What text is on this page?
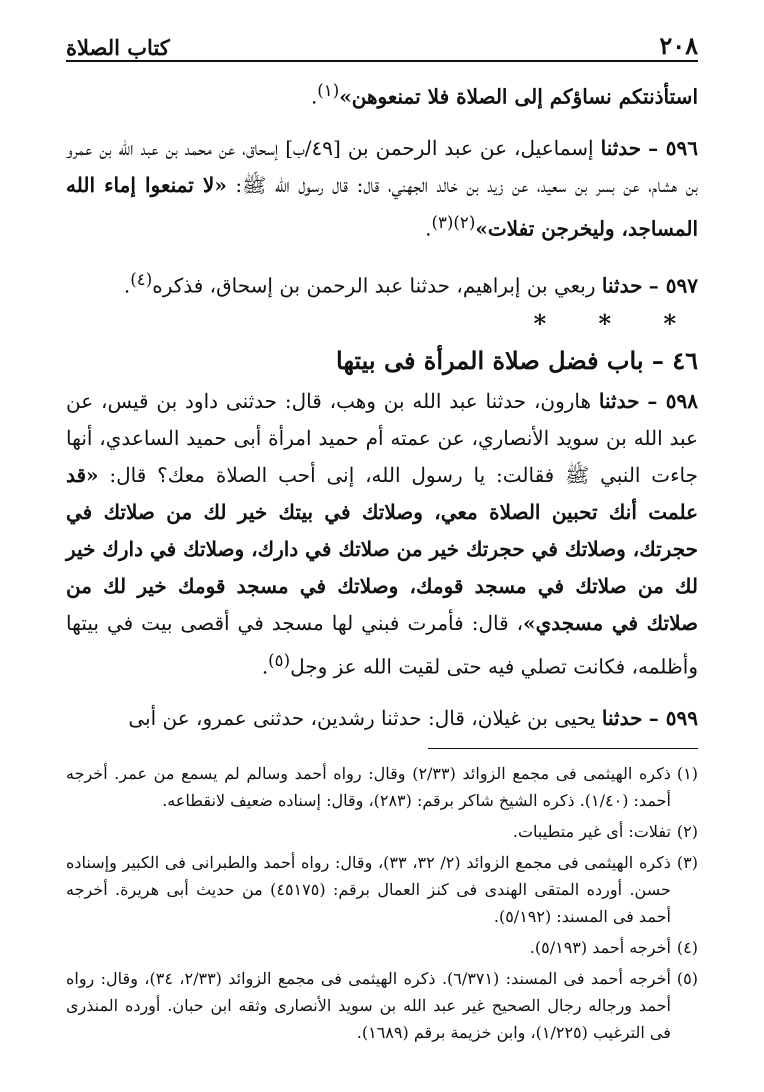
٢٠٨
كتاب الصلاة

استأذنتكم نساؤكم إلى الصلاة فلا تمنعوهن»$^{(١)}$.

٥٩٦ – حدثنا إسماعيل، عن عبد الرحمن بن [٤٩/ب] إسحاق، عن محمد بن عبد الله بن عمرو بن هشام، عن بسر بن سعيد، عن زيد بن خالد الجهني، قال: قال رسول الله ﷺ: «لا تمنعوا إماء الله المساجد، وليخرجن تفلات»$^{(٢)(٣)}$.

٥٩٧ – حدثنا ربعي بن إبراهيم، حدثنا عبد الرحمن بن إسحاق، فذكره$^{(٤)}$.

* * *
٤٦ – باب فضل صلاة المرأة فى بيتها

٥٩٨ – حدثنا هارون، حدثنا عبد الله بن وهب، قال: حدثنى داود بن قيس، عن عبد الله بن سويد الأنصاري، عن عمته أم حميد امرأة أبى حميد الساعدي، أنها جاءت النبي ﷺ فقالت: يا رسول الله، إنى أحب الصلاة معك؟ قال: «قد علمت أنك تحبين الصلاة معي، وصلاتك في بيتك خير لك من صلاتك في حجرتك، وصلاتك في حجرتك خير من صلاتك في دارك، وصلاتك في دارك خير لك من صلاتك في مسجد قومك، وصلاتك في مسجد قومك خير لك من صلاتك في مسجدي»، قال: فأمرت فبني لها مسجد في أقصى بيت في بيتها وأظلمه، فكانت تصلي فيه حتى لقيت الله عز وجل$^{(٥)}$.

٥٩٩ – حدثنا يحيى بن غيلان، قال: حدثنا رشدين، حدثنى عمرو، عن أبى

(١)
ذكره الهيثمى فى مجمع الزوائد (٢/٣٣) وقال: رواه أحمد وسالم لم يسمع من عمر. أخرجه أحمد: (١/٤٠). ذكره الشيخ شاكر برقم: (٢٨٣)، وقال: إسناده ضعيف لانقطاعه.
(٢)
تفلات: أى غير متطيبات.
(٣)
ذكره الهيثمى فى مجمع الزوائد (٢/ ٣٢، ٣٣)، وقال: رواه أحمد والطبرانى فى الكبير وإسناده حسن. أورده المتقى الهندى فى كنز العمال برقم: (٤٥١٧٥) من حديث أبى هريرة. أخرجه أحمد فى المسند: (٥/١٩٢).
(٤)
أخرجه أحمد (٥/١٩٣).
(٥)
أخرجه أحمد فى المسند: (٦/٣٧١). ذكره الهيثمى فى مجمع الزوائد (٢/٣٣، ٣٤)، وقال: رواه أحمد ورجاله رجال الصحيح غير عبد الله بن سويد الأنصارى وثقه ابن حبان. أورده المنذرى فى الترغيب (١/٢٢٥)، وابن خزيمة برقم (١٦٨٩).
